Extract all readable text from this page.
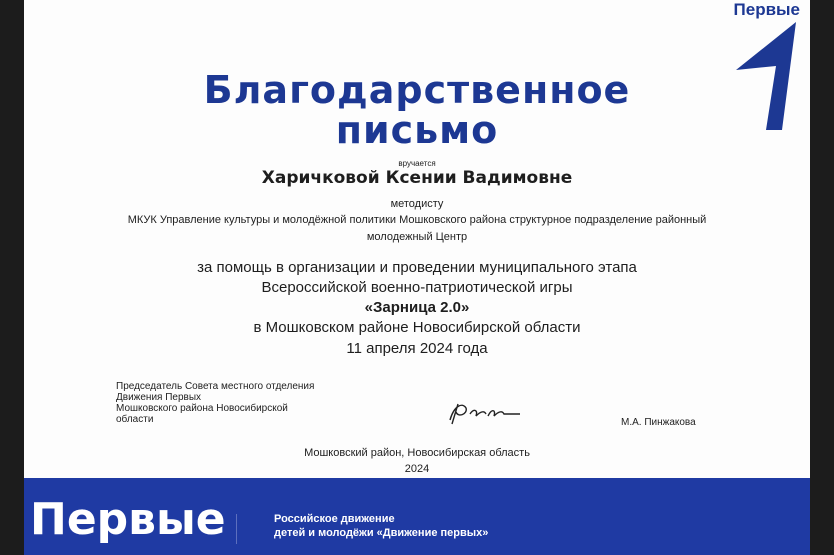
Первые
Благодарственное
письмо
вручается
Харичковой Ксении Вадимовне
методисту
МКУК Управление культуры и молодёжной политики Мошковского района структурное подразделение районный
молодежный Центр
за помощь в организации и проведении муниципального этапа
Всероссийской военно-патриотической игры
«Зарница 2.0»
в Мошковском районе Новосибирской области
11 апреля 2024 года
Председатель Совета местного отделения
Движения Первых
Мошковского района Новосибирской
области	М.А. Пинжакова
Мошковский район, Новосибирская область
2024
Первые	Российское движение
детей и молодёжи «Движение первых»
